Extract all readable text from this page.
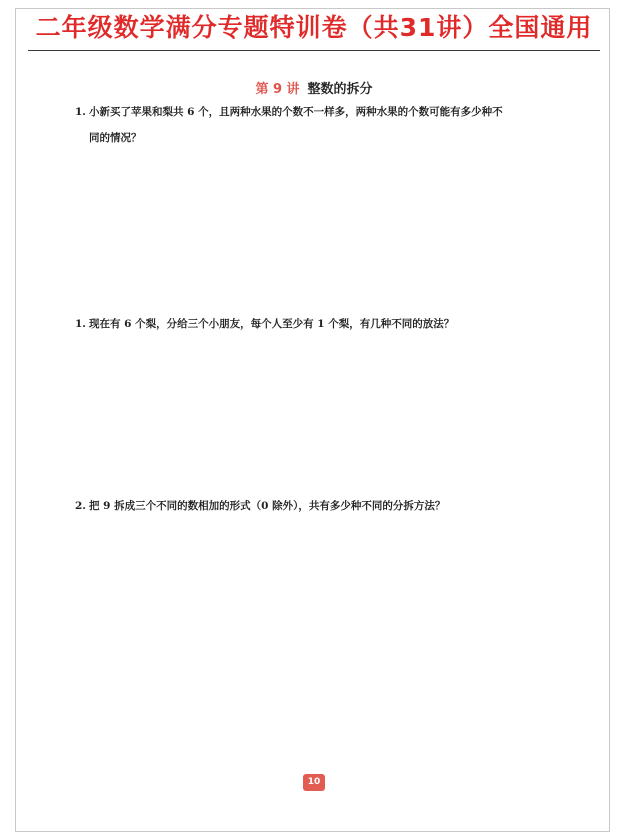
二年级数学满分专题特训卷（共31讲）全国通用
第 9 讲 整数的拆分
1. 小新买了苹果和梨共 6 个，且两种水果的个数不一样多，两种水果的个数可能有多少种不
同的情况？
1. 现在有 6 个梨，分给三个小朋友，每个人至少有 1 个梨，有几种不同的放法？
2. 把 9 拆成三个不同的数相加的形式（0 除外），共有多少种不同的分拆方法？
10
